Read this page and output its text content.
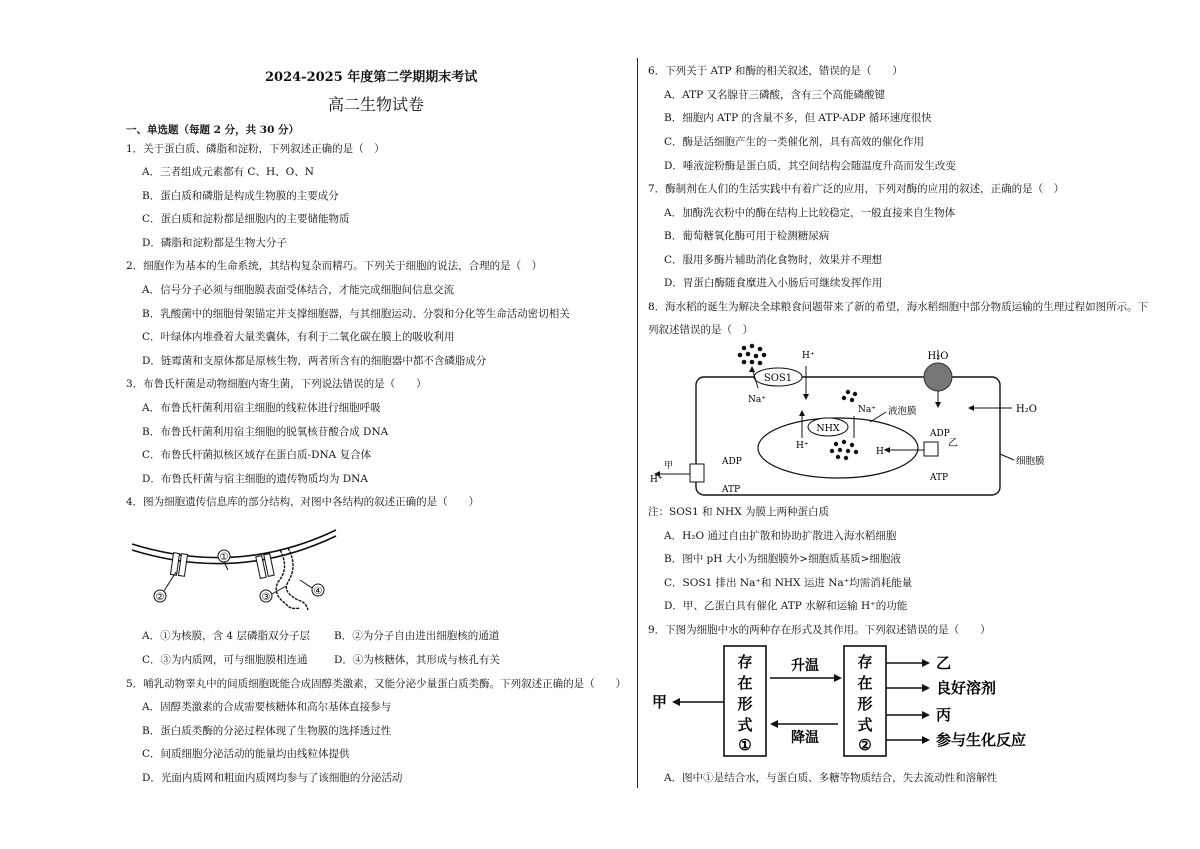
2024-2025 年度第二学期期末考试
高二生物试卷
一、单选题（每题 2 分，共 30 分）
1．关于蛋白质、磷脂和淀粉，下列叙述正确的是（　）
A．三者组成元素都有 C、H、O、N
B．蛋白质和磷脂是构成生物膜的主要成分
C．蛋白质和淀粉都是细胞内的主要储能物质
D．磷脂和淀粉都是生物大分子
2．细胞作为基本的生命系统，其结构复杂而精巧。下列关于细胞的说法，合理的是（　）
A．信号分子必须与细胞膜表面受体结合，才能完成细胞间信息交流
B．乳酸菌中的细胞骨架锚定并支撑细胞器，与其细胞运动、分裂和分化等生命活动密切相关
C．叶绿体内堆叠着大量类囊体，有利于二氧化碳在膜上的吸收利用
D．链霉菌和支原体都是原核生物，两者所含有的细胞器中都不含磷脂成分
3．布鲁氏杆菌是动物细胞内寄生菌，下列说法错误的是（　　）
A．布鲁氏杆菌利用宿主细胞的线粒体进行细胞呼吸
B．布鲁氏杆菌利用宿主细胞的脱氧核苷酸合成 DNA
C．布鲁氏杆菌拟核区域存在蛋白质-DNA 复合体
D．布鲁氏杆菌与宿主细胞的遗传物质均为 DNA
4．图为细胞遗传信息库的部分结构，对图中各结构的叙述正确的是（　　）
①
②	③
④
A．①为核膜，含 4 层磷脂双分子层 B．②为分子自由进出细胞核的通道
C．③为内质网，可与细胞膜相连通	D．④为核糖体，其形成与核孔有关
5．哺乳动物睾丸中的间质细胞既能合成固醇类激素，又能分泌少量蛋白质类酶。下列叙述正确的是（　　）
A．固醇类激素的合成需要核糖体和高尔基体直接参与
B．蛋白质类酶的分泌过程体现了生物膜的选择透过性
C．间质细胞分泌活动的能量均由线粒体提供
D．光面内质网和粗面内质网均参与了该细胞的分泌活动
6．下列关于 ATP 和酶的相关叙述，错误的是（　　）
A．ATP 又名腺苷三磷酸，含有三个高能磷酸键
B．细胞内 ATP 的含量不多，但 ATP-ADP 循环速度很快
C．酶是活细胞产生的一类催化剂，具有高效的催化作用
D．唾液淀粉酶是蛋白质，其空间结构会随温度升高而发生改变
7．酶制剂在人们的生活实践中有着广泛的应用，下列对酶的应用的叙述，正确的是（　）
A．加酶洗衣粉中的酶在结构上比较稳定，一般直接来自生物体
B．葡萄糖氧化酶可用于检测糖尿病
C．服用多酶片辅助消化食物时，效果并不理想
D．胃蛋白酶随食糜进入小肠后可继续发挥作用
8．海水稻的诞生为解决全球粮食问题带来了新的希望，海水稻细胞中部分物质运输的生理过程如图所示。下
列叙述错误的是（　）
SOS1
Na⁺
H⁺	H₂O
H₂O
NHX
H⁺
Na⁺ 液泡膜
ADP
ATP
乙
H⁺
细胞膜
甲
H⁺
ADP
ATP
注：SOS1 和 NHX 为膜上两种蛋白质
A．H₂O 通过自由扩散和协助扩散进入海水稻细胞
B．图中 pH 大小为细胞膜外>细胞质基质>细胞液
C．SOS1 排出 Na⁺和 NHX 运进 Na⁺均需消耗能量
D．甲、乙蛋白具有催化 ATP 水解和运输 H⁺的功能
9．下图为细胞中水的两种存在形式及其作用。下列叙述错误的是（　　）
存
在
形
式
①
存
在
形
式
②
升温
降温
甲
乙
良好溶剂
丙
参与生化反应
A．图中①是结合水，与蛋白质、多糖等物质结合，失去流动性和溶解性
